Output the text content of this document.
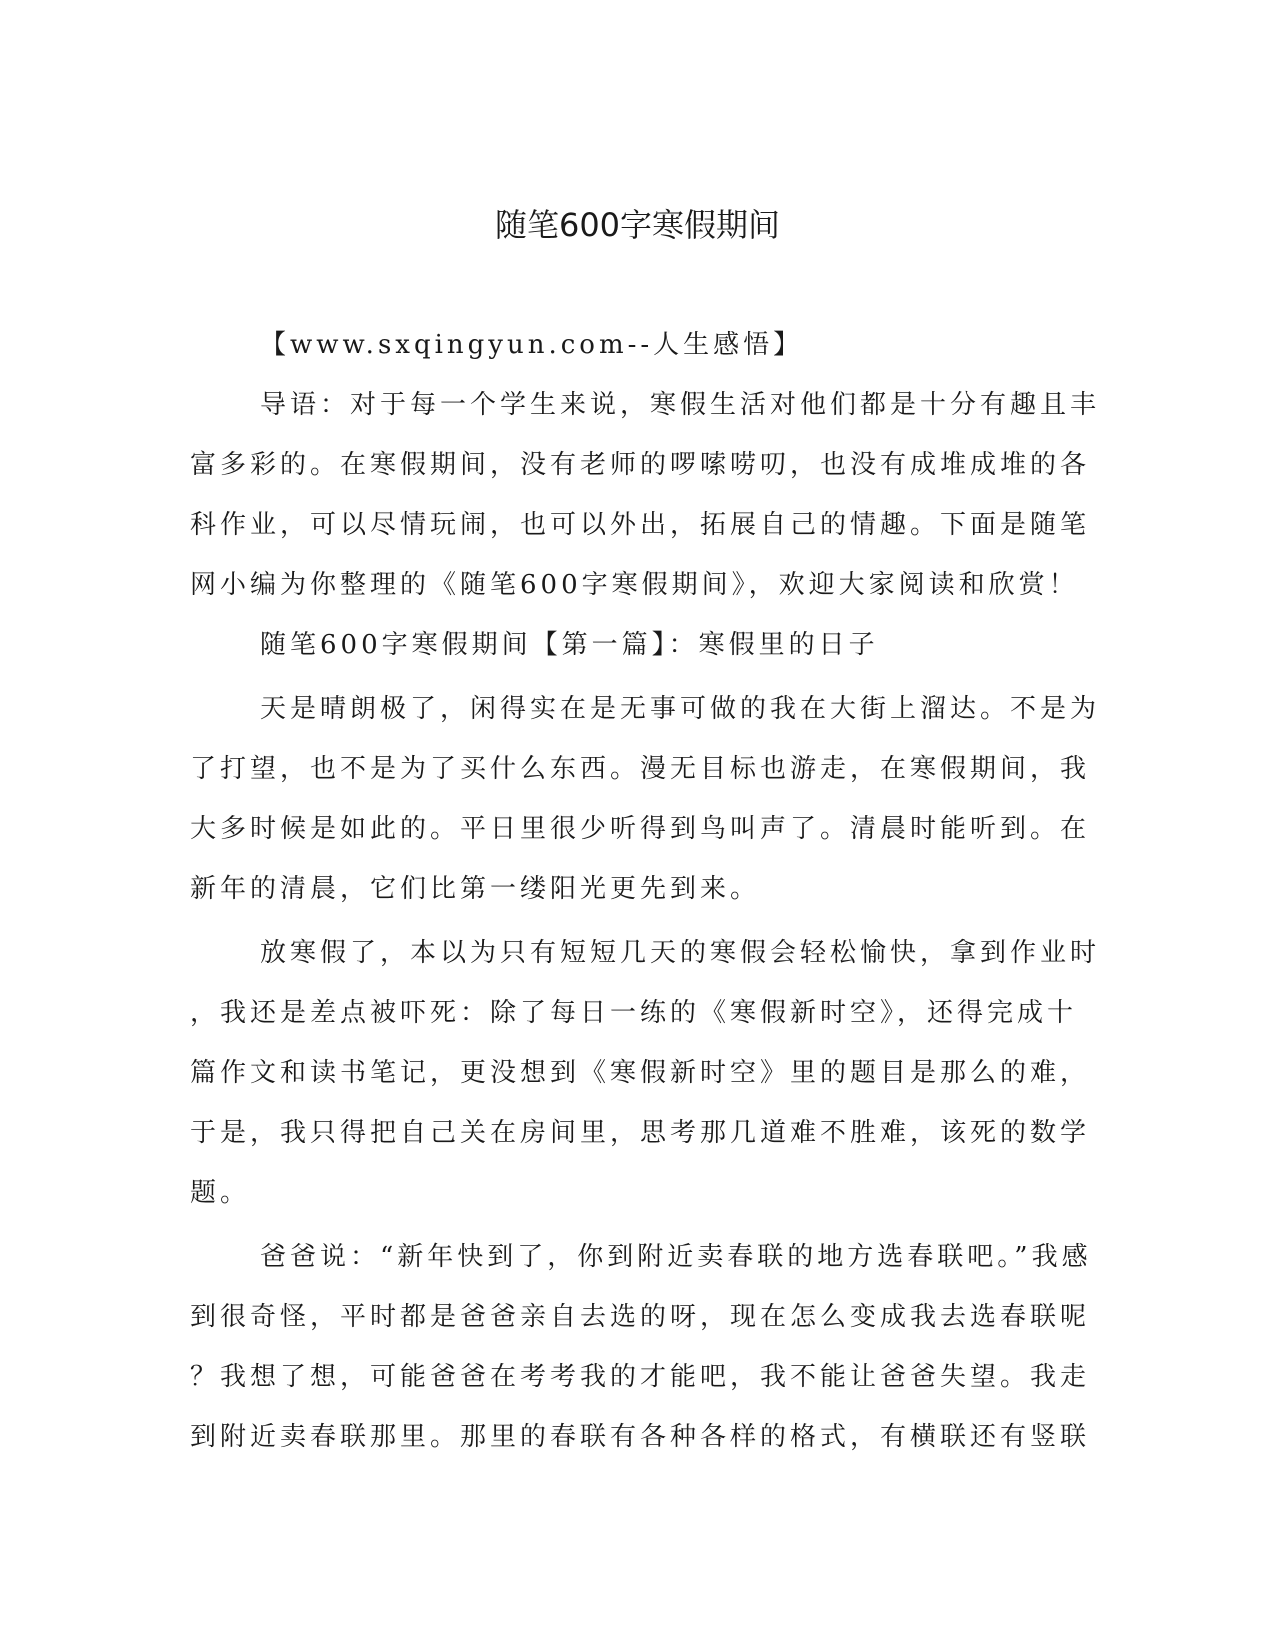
随笔600字寒假期间
【www.sxqingyun.com--人生感悟】
导语：对于每一个学生来说，寒假生活对他们都是十分有趣且丰
富多彩的。在寒假期间，没有老师的啰嗦唠叨，也没有成堆成堆的各
科作业，可以尽情玩闹，也可以外出，拓展自己的情趣。下面是随笔
网小编为你整理的《随笔600字寒假期间》，欢迎大家阅读和欣赏！
随笔600字寒假期间【第一篇】：寒假里的日子
天是晴朗极了，闲得实在是无事可做的我在大街上溜达。不是为
了打望，也不是为了买什么东西。漫无目标也游走，在寒假期间，我
大多时候是如此的。平日里很少听得到鸟叫声了。清晨时能听到。在
新年的清晨，它们比第一缕阳光更先到来。
放寒假了，本以为只有短短几天的寒假会轻松愉快，拿到作业时
，我还是差点被吓死：除了每日一练的《寒假新时空》，还得完成十
篇作文和读书笔记，更没想到《寒假新时空》里的题目是那么的难，
于是，我只得把自己关在房间里，思考那几道难不胜难，该死的数学
题。
爸爸说：“新年快到了，你到附近卖春联的地方选春联吧。”我感
到很奇怪，平时都是爸爸亲自去选的呀，现在怎么变成我去选春联呢
？我想了想，可能爸爸在考考我的才能吧，我不能让爸爸失望。我走
到附近卖春联那里。那里的春联有各种各样的格式，有横联还有竖联
